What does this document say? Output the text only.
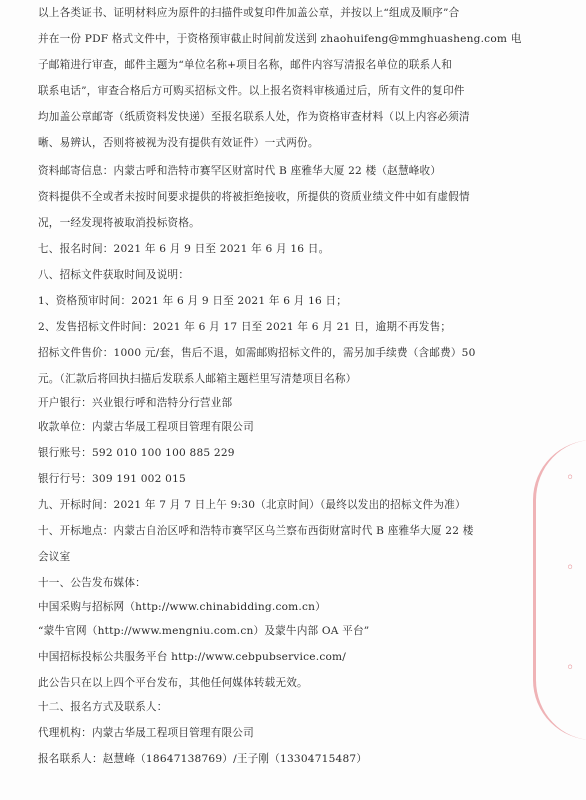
以上各类证书、证明材料应为原件的扫描件或复印件加盖公章，并按以上“组成及顺序”合
并在一份 PDF 格式文件中，于资格预审截止时间前发送到 zhaohuifeng@mmghuasheng.com 电
子邮箱进行审查，邮件主题为“单位名称+项目名称，邮件内容写清报名单位的联系人和
联系电话”，审查合格后方可购买招标文件。以上报名资料审核通过后，所有文件的复印件
均加盖公章邮寄（纸质资料发快递）至报名联系人处，作为资格审查材料（以上内容必须清
晰、易辨认，否则将被视为没有提供有效证件）一式两份。
资料邮寄信息：内蒙古呼和浩特市赛罕区财富时代 B 座雅华大厦 22 楼（赵慧峰收）
资料提供不全或者未按时间要求提供的将被拒绝接收，所提供的资质业绩文件中如有虚假情
况，一经发现将被取消投标资格。
七、报名时间：2021 年 6 月 9 日至 2021 年 6 月 16 日。
八、招标文件获取时间及说明：
1、资格预审时间：2021 年 6 月 9 日至 2021 年 6 月 16 日；
2、发售招标文件时间：2021 年 6 月 17 日至 2021 年 6 月 21 日，逾期不再发售；
招标文件售价：1000 元/套，售后不退，如需邮购招标文件的，需另加手续费（含邮费）50
元。（汇款后将回执扫描后发联系人邮箱主题栏里写清楚项目名称）
开户银行：兴业银行呼和浩特分行营业部
收款单位：内蒙古华晟工程项目管理有限公司
银行账号：592 010 100 100 885 229
银行行号：309 191 002 015
九、开标时间：2021 年 7 月 7 日上午 9:30（北京时间）（最终以发出的招标文件为准）
十、开标地点：内蒙古自治区呼和浩特市赛罕区乌兰察布西街财富时代 B 座雅华大厦 22 楼
会议室
十一、公告发布媒体：
中国采购与招标网（http://www.chinabidding.com.cn）
“蒙牛官网（http://www.mengniu.com.cn）及蒙牛内部 OA 平台”
中国招标投标公共服务平台 http://www.cebpubservice.com/
此公告只在以上四个平台发布，其他任何媒体转载无效。
十二、报名方式及联系人：
代理机构：内蒙古华晟工程项目管理有限公司
报名联系人：赵慧峰（18647138769）/王子刚（13304715487）
◦
◦
◦
